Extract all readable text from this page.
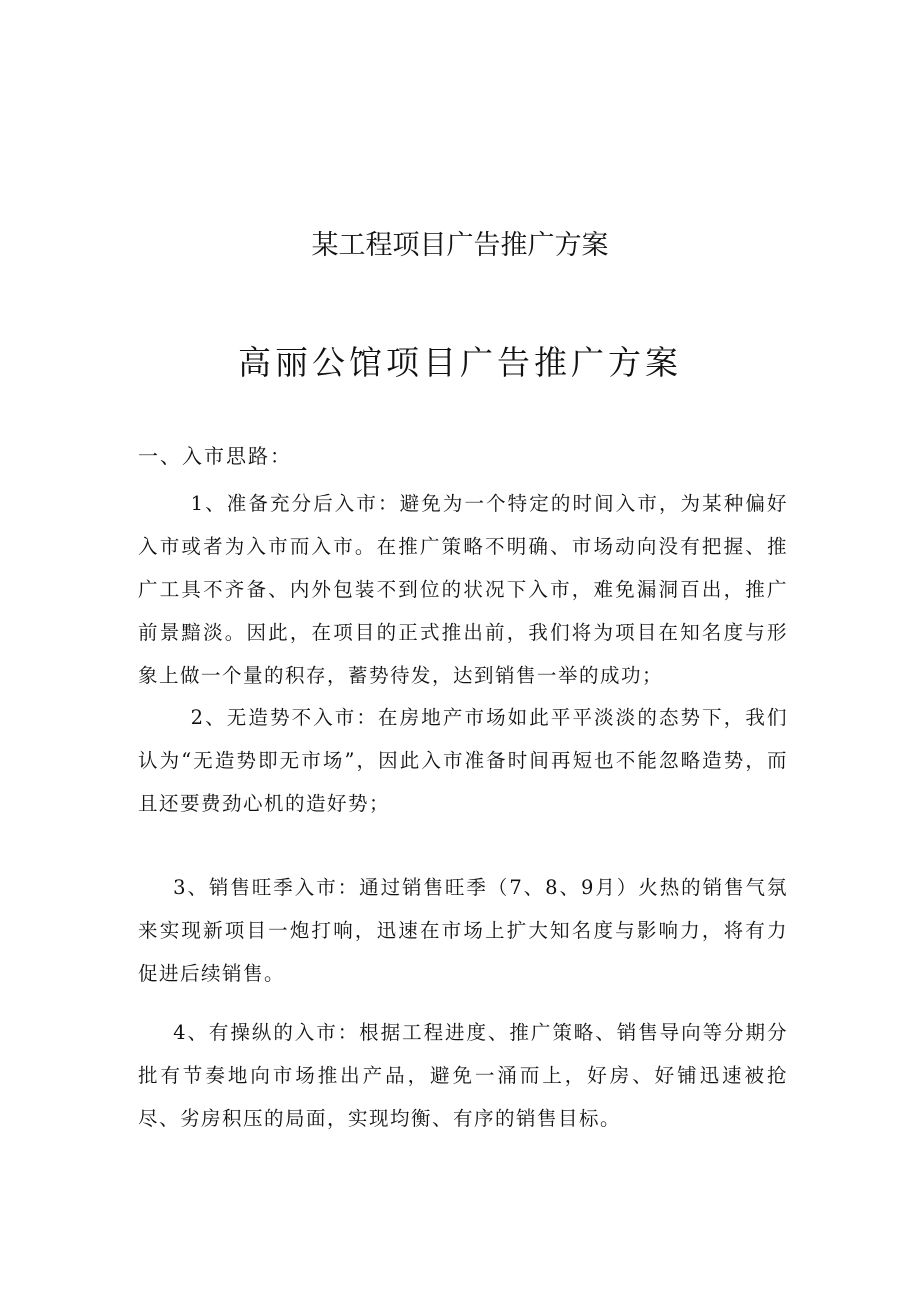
某工程项目广告推广方案
高丽公馆项目广告推广方案

一、入市思路：

1、准备充分后入市：避免为一个特定的时间入市，为某种偏好入市或者为入市而入市。在推广策略不明确、市场动向没有把握、推广工具不齐备、内外包装不到位的状况下入市，难免漏洞百出，推广前景黯淡。因此，在项目的正式推出前，我们将为项目在知名度与形象上做一个量的积存，蓄势待发，达到销售一举的成功；

2、无造势不入市：在房地产市场如此平平淡淡的态势下，我们认为“无造势即无市场”，因此入市准备时间再短也不能忽略造势，而且还要费劲心机的造好势；

3、销售旺季入市：通过销售旺季（7、8、9月）火热的销售气氛来实现新项目一炮打响，迅速在市场上扩大知名度与影响力，将有力促进后续销售。

4、有操纵的入市：根据工程进度、推广策略、销售导向等分期分批有节奏地向市场推出产品，避免一涌而上，好房、好铺迅速被抢尽、劣房积压的局面，实现均衡、有序的销售目标。
